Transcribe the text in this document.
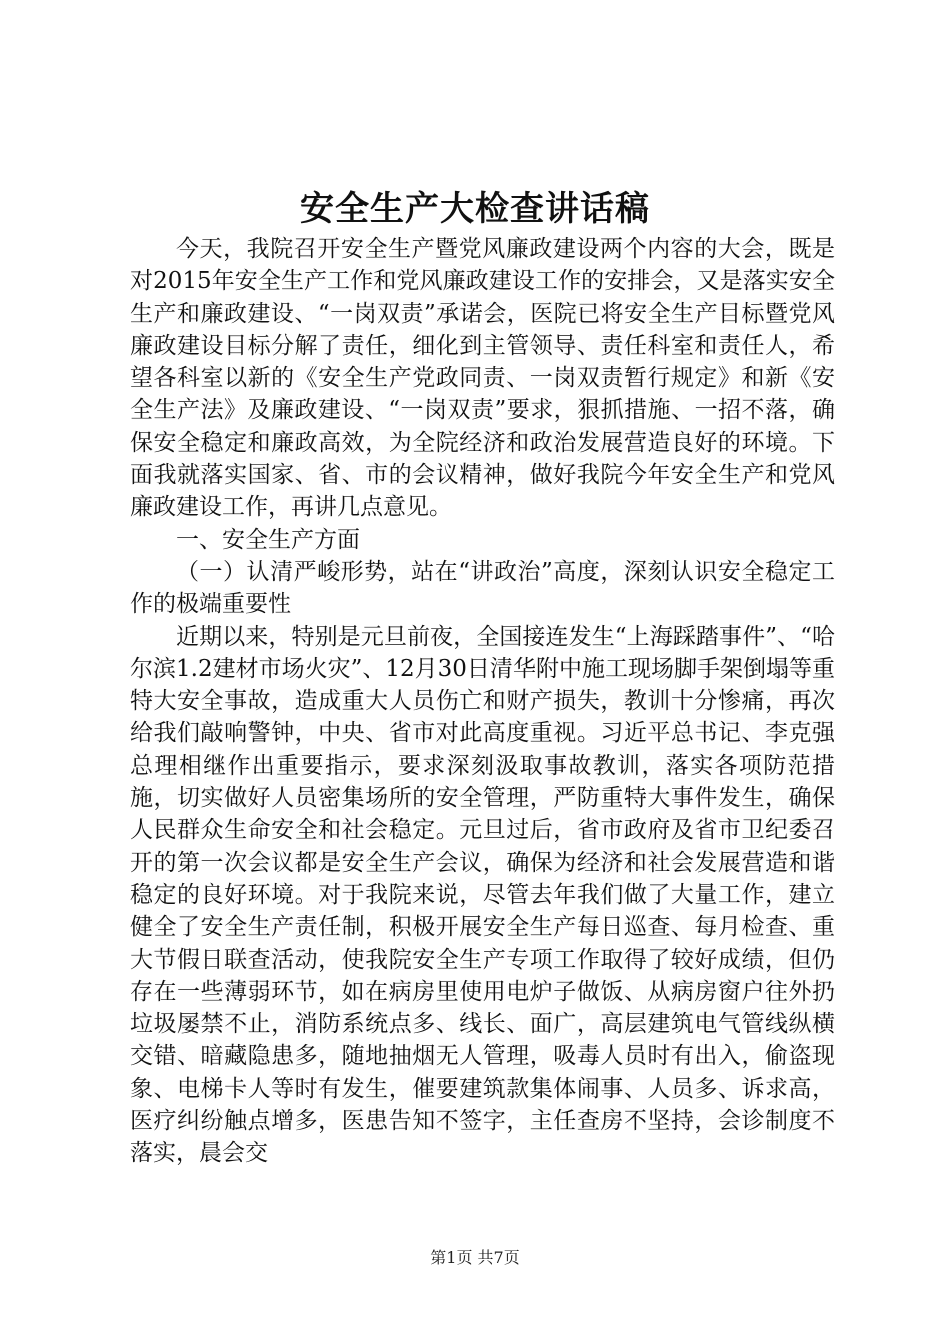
安全生产大检查讲话稿

今天，我院召开安全生产暨党风廉政建设两个内容的大会，既是对2015年安全生产工作和党风廉政建设工作的安排会，又是落实安全生产和廉政建设、“一岗双责”承诺会，医院已将安全生产目标暨党风廉政建设目标分解了责任，细化到主管领导、责任科室和责任人，希望各科室以新的《安全生产党政同责、一岗双责暂行规定》和新《安全生产法》及廉政建设、“一岗双责”要求，狠抓措施、一招不落，确保安全稳定和廉政高效，为全院经济和政治发展营造良好的环境。下面我就落实国家、省、市的会议精神，做好我院今年安全生产和党风廉政建设工作，再讲几点意见。

一、安全生产方面

（一）认清严峻形势，站在“讲政治”高度，深刻认识安全稳定工作的极端重要性

近期以来，特别是元旦前夜，全国接连发生“上海踩踏事件”、“哈尔滨1.2建材市场火灾”、12月30日清华附中施工现场脚手架倒塌等重特大安全事故，造成重大人员伤亡和财产损失，教训十分惨痛，再次给我们敲响警钟，中央、省市对此高度重视。习近平总书记、李克强总理相继作出重要指示，要求深刻汲取事故教训，落实各项防范措施，切实做好人员密集场所的安全管理，严防重特大事件发生，确保人民群众生命安全和社会稳定。元旦过后，省市政府及省市卫纪委召开的第一次会议都是安全生产会议，确保为经济和社会发展营造和谐稳定的良好环境。对于我院来说，尽管去年我们做了大量工作，建立健全了安全生产责任制，积极开展安全生产每日巡查、每月检查、重大节假日联查活动，使我院安全生产专项工作取得了较好成绩，但仍存在一些薄弱环节，如在病房里使用电炉子做饭、从病房窗户往外扔垃圾屡禁不止，消防系统点多、线长、面广，高层建筑电气管线纵横交错、暗藏隐患多，随地抽烟无人管理，吸毒人员时有出入，偷盗现象、电梯卡人等时有发生，催要建筑款集体闹事、人员多、诉求高，医疗纠纷触点增多，医患告知不签字，主任查房不坚持，会诊制度不落实，晨会交

第1页 共7页
